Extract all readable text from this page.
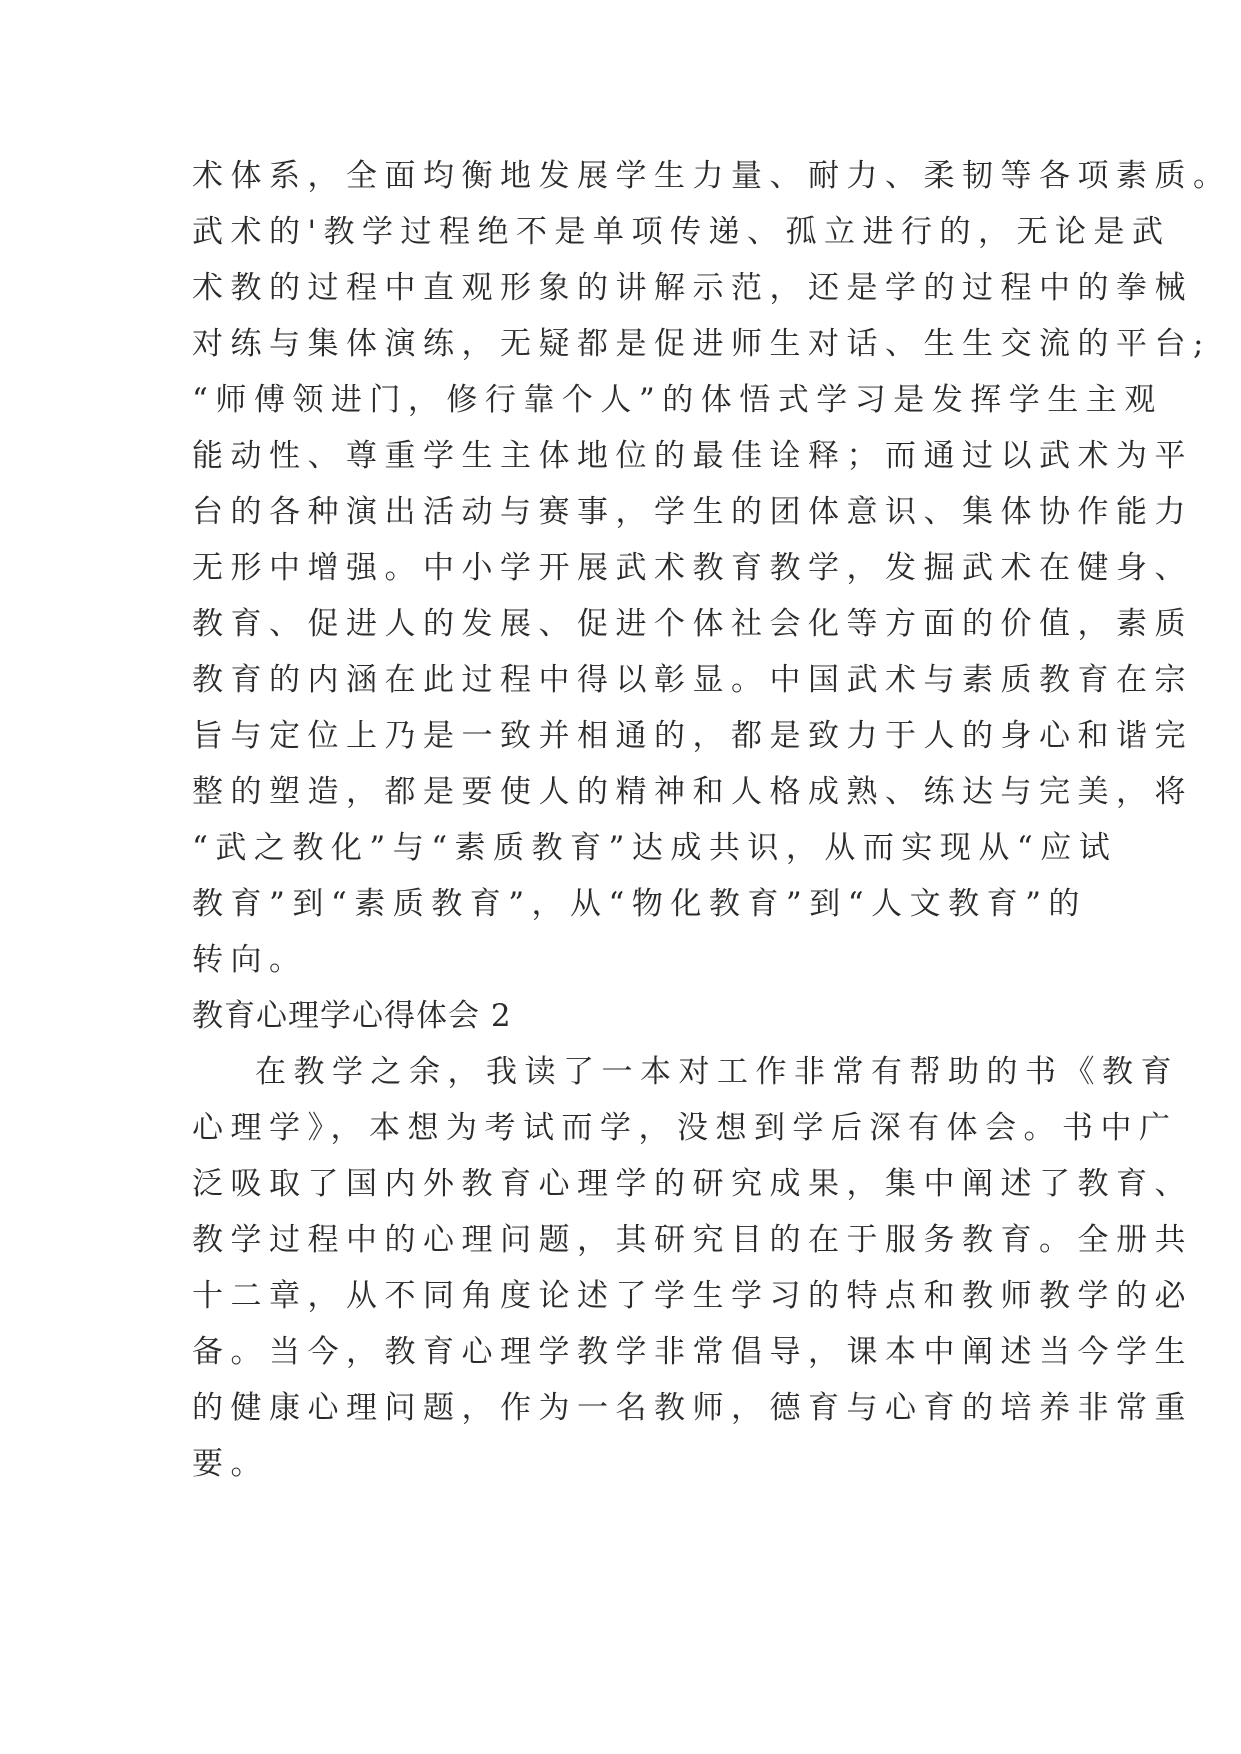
术体系，全面均衡地发展学生力量、耐力、柔韧等各项素质。
武术的'教学过程绝不是单项传递、孤立进行的，无论是武
术教的过程中直观形象的讲解示范，还是学的过程中的拳械
对练与集体演练，无疑都是促进师生对话、生生交流的平台;
“师傅领进门，修行靠个人”的体悟式学习是发挥学生主观
能动性、尊重学生主体地位的最佳诠释；而通过以武术为平
台的各种演出活动与赛事，学生的团体意识、集体协作能力
无形中增强。中小学开展武术教育教学，发掘武术在健身、
教育、促进人的发展、促进个体社会化等方面的价值，素质
教育的内涵在此过程中得以彰显。中国武术与素质教育在宗
旨与定位上乃是一致并相通的，都是致力于人的身心和谐完
整的塑造，都是要使人的精神和人格成熟、练达与完美，将
“武之教化”与“素质教育”达成共识，从而实现从“应试
教育”到“素质教育”，从“物化教育”到“人文教育”的
转向。
教育心理学心得体会 2
在教学之余，我读了一本对工作非常有帮助的书《教育
心理学》，本想为考试而学，没想到学后深有体会。书中广
泛吸取了国内外教育心理学的研究成果，集中阐述了教育、
教学过程中的心理问题，其研究目的在于服务教育。全册共
十二章，从不同角度论述了学生学习的特点和教师教学的必
备。当今，教育心理学教学非常倡导，课本中阐述当今学生
的健康心理问题，作为一名教师，德育与心育的培养非常重
要。
